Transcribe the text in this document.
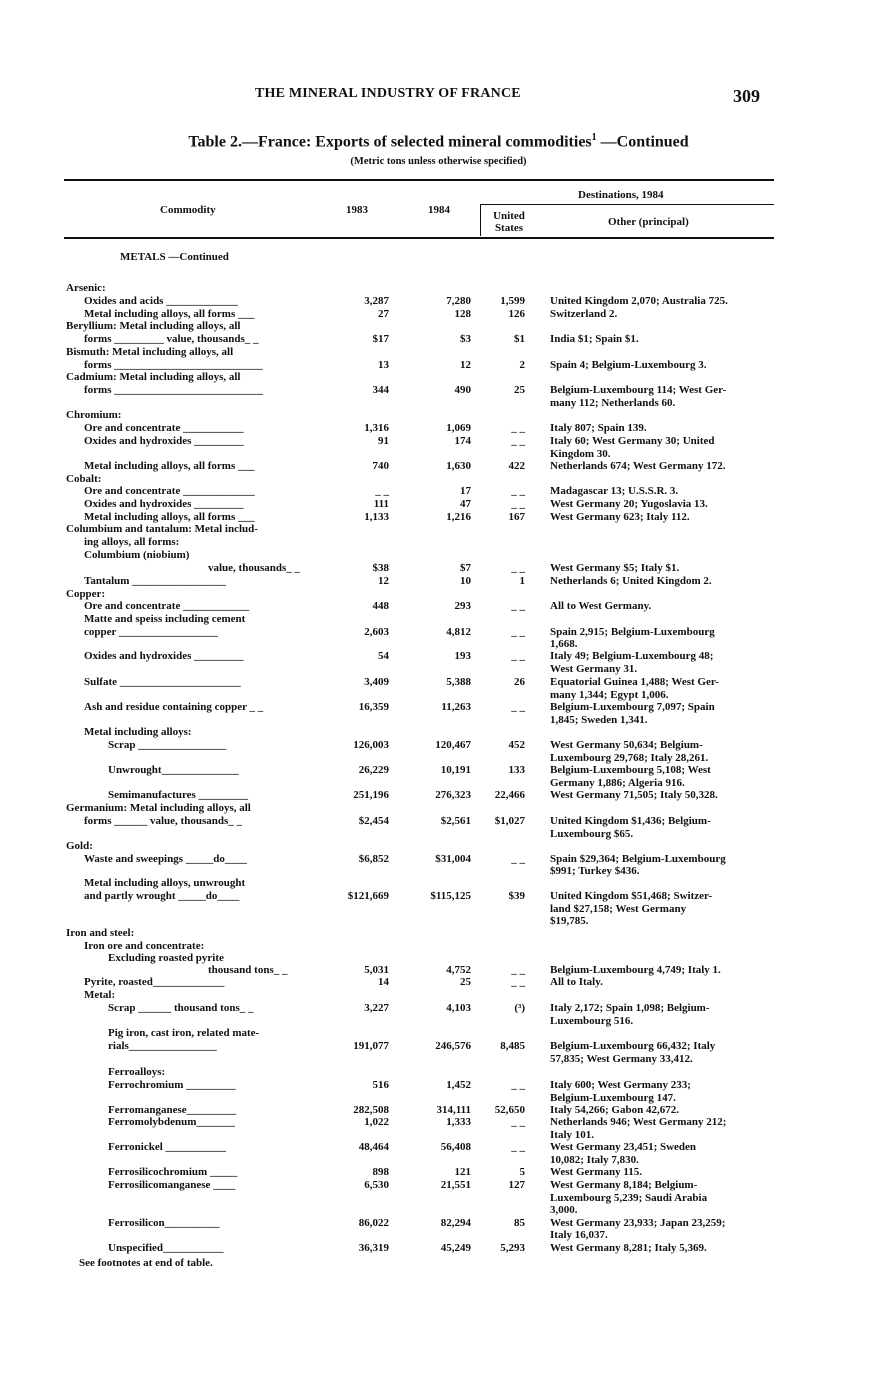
THE MINERAL INDUSTRY OF FRANCE	309
Table 2.—France: Exports of selected mineral commodities$^1$ —Continued
(Metric tons unless otherwise specified)
Commodity	1983	1984
Destinations, 1984
United
States	Other (principal)
METALS —Continued
Arsenic:
Oxides and acids _____________	3,287	7,280	1,599 United Kingdom 2,070; Australia 725.
Metal including alloys, all forms ___	27	128	126 Switzerland 2.
Beryllium: Metal including alloys, all
forms _________ value, thousands_ _	$17	$3	$1 India $1; Spain $1.
Bismuth: Metal including alloys, all
forms ___________________________	13	12	2 Spain 4; Belgium-Luxembourg 3.
Cadmium: Metal including alloys, all
forms ___________________________	344	490	25 Belgium-Luxembourg 114; West Ger-
many 112; Netherlands 60.
Chromium:
Ore and concentrate ___________	1,316	1,069	_ _ Italy 807; Spain 139.
Oxides and hydroxides _________	91	174	_ _ Italy 60; West Germany 30; United
Kingdom 30.
Metal including alloys, all forms ___	740	1,630	422 Netherlands 674; West Germany 172.
Cobalt:
Ore and concentrate _____________	_ _	17	_ _ Madagascar 13; U.S.S.R. 3.
Oxides and hydroxides _________	111	47	_ _ West Germany 20; Yugoslavia 13.
Metal including alloys, all forms ___	1,133	1,216	167 West Germany 623; Italy 112.
Columbium and tantalum: Metal includ-
ing alloys, all forms:
Columbium (niobium)
value, thousands_ _	$38	$7	_ _ West Germany $5; Italy $1.
Tantalum _________________	12	10	1 Netherlands 6; United Kingdom 2.
Copper:
Ore and concentrate ____________	448	293	_ _ All to West Germany.
Matte and speiss including cement
copper __________________	2,603	4,812	_ _ Spain 2,915; Belgium-Luxembourg
1,668.
Oxides and hydroxides _________	54	193	_ _ Italy 49; Belgium-Luxembourg 48;
West Germany 31.
Sulfate ______________________	3,409	5,388	26 Equatorial Guinea 1,488; West Ger-
many 1,344; Egypt 1,006.
Ash and residue containing copper _ _	16,359	11,263	_ _ Belgium-Luxembourg 7,097; Spain
1,845; Sweden 1,341.
Metal including alloys:
Scrap ________________	126,003	120,467	452 West Germany 50,634; Belgium-
Luxembourg 29,768; Italy 28,261.
Unwrought______________	26,229	10,191	133 Belgium-Luxembourg 5,108; West
Germany 1,886; Algeria 916.
Semimanufactures _________	251,196	276,323	22,466 West Germany 71,505; Italy 50,328.
Germanium: Metal including alloys, all
forms ______ value, thousands_ _	$2,454	$2,561	$1,027 United Kingdom $1,436; Belgium-
Luxembourg $65.
Gold:
Waste and sweepings _____do____	$6,852	$31,004	_ _ Spain $29,364; Belgium-Luxembourg
$991; Turkey $436.
Metal including alloys, unwrought
and partly wrought _____do____	$121,669	$115,125	$39 United Kingdom $51,468; Switzer-
land $27,158; West Germany
$19,785.
Iron and steel:
Iron ore and concentrate:
Excluding roasted pyrite
thousand tons_ _	5,031	4,752	_ _ Belgium-Luxembourg 4,749; Italy 1.
Pyrite, roasted_____________	14	25	_ _ All to Italy.
Metal:
Scrap ______ thousand tons_ _	3,227	4,103	(³) Italy 2,172; Spain 1,098; Belgium-
Luxembourg 516.
Pig iron, cast iron, related mate-
rials________________	191,077	246,576	8,485 Belgium-Luxembourg 66,432; Italy
57,835; West Germany 33,412.
Ferroalloys:
Ferrochromium _________	516	1,452	_ _ Italy 600; West Germany 233;
Belgium-Luxembourg 147.
Ferromanganese_________	282,508	314,111	52,650 Italy 54,266; Gabon 42,672.
Ferromolybdenum_______	1,022	1,333	_ _ Netherlands 946; West Germany 212;
Italy 101.
Ferronickel ___________	48,464	56,408	_ _ West Germany 23,451; Sweden
10,082; Italy 7,830.
Ferrosilicochromium _____	898	121	5 West Germany 115.
Ferrosilicomanganese ____	6,530	21,551	127 West Germany 8,184; Belgium-
Luxembourg 5,239; Saudi Arabia
3,000.
Ferrosilicon__________	86,022	82,294	85 West Germany 23,933; Japan 23,259;
Italy 16,037.
Unspecified___________	36,319	45,249	5,293 West Germany 8,281; Italy 5,369.
See footnotes at end of table.
